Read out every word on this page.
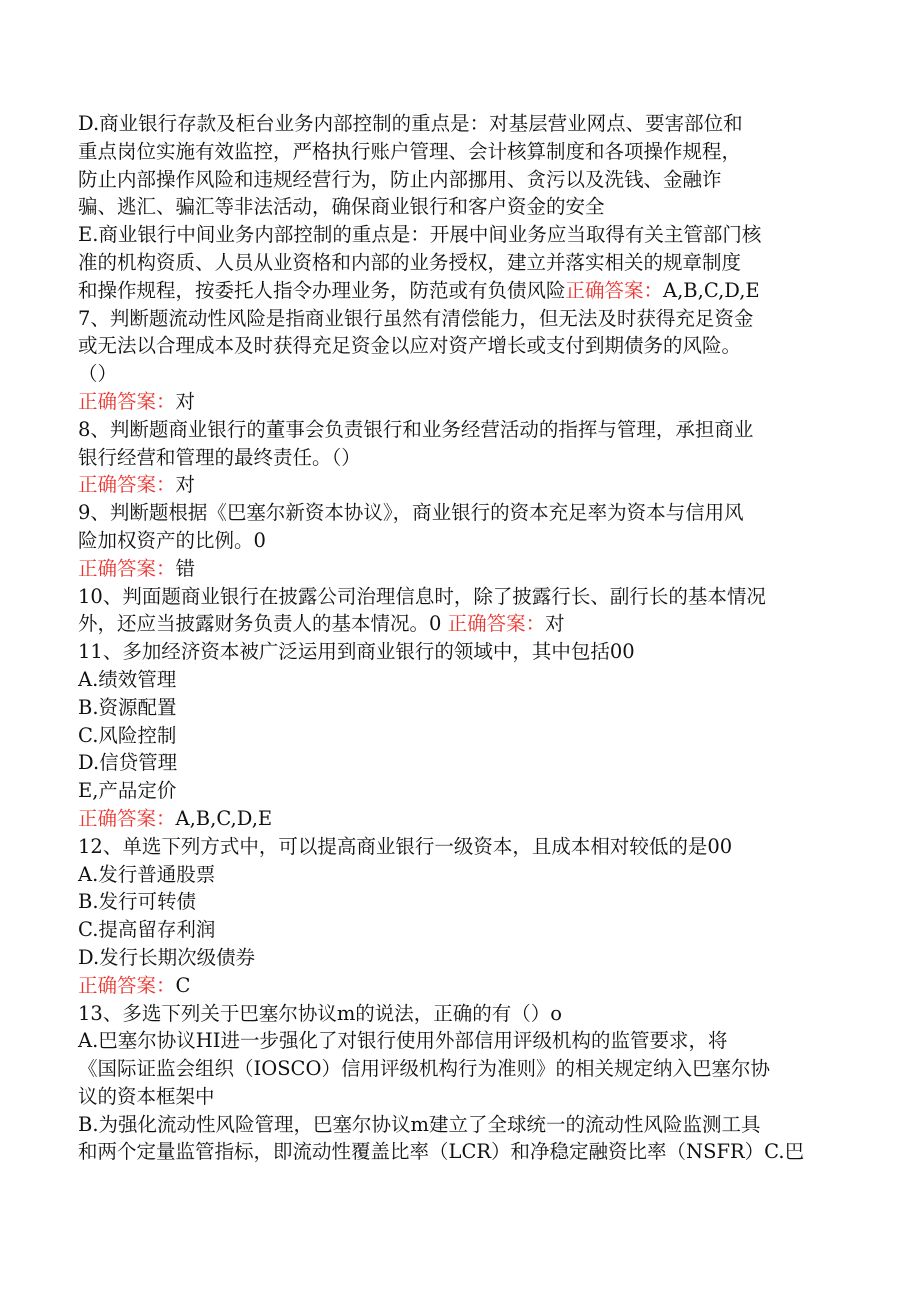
D.商业银行存款及柜台业务内部控制的重点是：对基层营业网点、要害部位和
重点岗位实施有效监控，严格执行账户管理、会计核算制度和各项操作规程，
防止内部操作风险和违规经营行为，防止内部挪用、贪污以及洗钱、金融诈
骗、逃汇、骗汇等非法活动，确保商业银行和客户资金的安全
E.商业银行中间业务内部控制的重点是：开展中间业务应当取得有关主管部门核
准的机构资质、人员从业资格和内部的业务授权，建立并落实相关的规章制度
和操作规程，按委托人指令办理业务，防范或有负债风险正确答案：A,B,C,D,E
7、判断题流动性风险是指商业银行虽然有清偿能力，但无法及时获得充足资金
或无法以合理成本及时获得充足资金以应对资产增长或支付到期债务的风险。
（）
正确答案：对
8、判断题商业银行的董事会负责银行和业务经营活动的指挥与管理，承担商业
银行经营和管理的最终责任。（）
正确答案：对
9、判断题根据《巴塞尔新资本协议》，商业银行的资本充足率为资本与信用风
险加权资产的比例。0
正确答案：错
10、判面题商业银行在披露公司治理信息时，除了披露行长、副行长的基本情况
外，还应当披露财务负责人的基本情况。0 正确答案：对
11、多加经济资本被广泛运用到商业银行的领域中，其中包括00
A.绩效管理
B.资源配置
C.风险控制
D.信贷管理
E,产品定价
正确答案：A,B,C,D,E
12、单选下列方式中，可以提高商业银行一级资本，且成本相对较低的是00
A.发行普通股票
B.发行可转债
C.提高留存利润
D.发行长期次级债券
正确答案：C
13、多选下列关于巴塞尔协议m的说法，正确的有（）o
A.巴塞尔协议HI进一步强化了对银行使用外部信用评级机构的监管要求，将
《国际证监会组织（IOSCO）信用评级机构行为准则》的相关规定纳入巴塞尔协
议的资本框架中
B.为强化流动性风险管理，巴塞尔协议m建立了全球统一的流动性风险监测工具
和两个定量监管指标，即流动性覆盖比率（LCR）和净稳定融资比率（NSFR）C.巴
